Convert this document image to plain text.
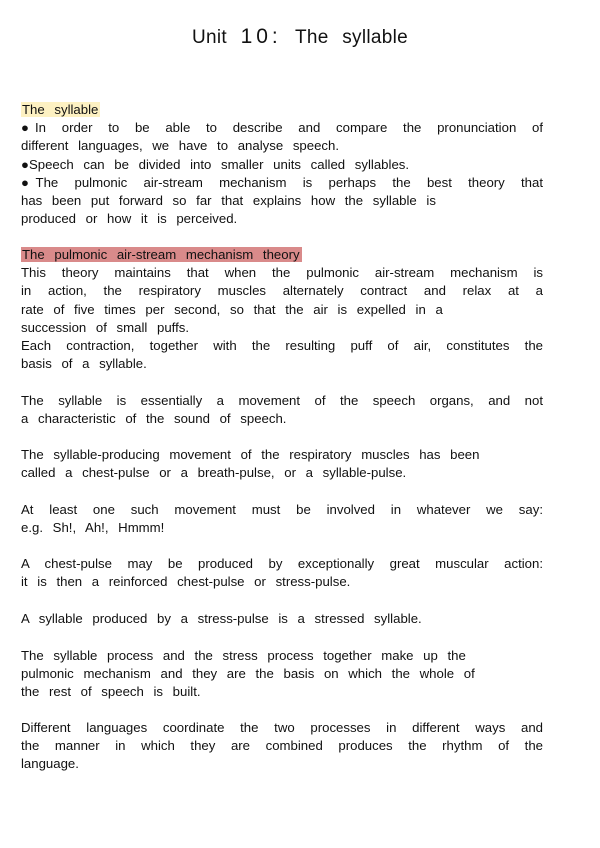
Unit 10: The syllable
The syllable
●In order to be able to describe and compare the pronunciation of
different languages, we have to analyse speech.
●Speech can be divided into smaller units called syllables.
●The pulmonic air-stream mechanism is perhaps the best theory that
has been put forward so far that explains how the syllable is
produced or how it is perceived.
The pulmonic air-stream mechanism theory
This theory maintains that when the pulmonic air-stream mechanism is
in action, the respiratory muscles alternately contract and relax at a
rate of five times per second, so that the air is expelled in a
succession of small puffs.
Each contraction, together with the resulting puff of air, constitutes the
basis of a syllable.
The syllable is essentially a movement of the speech organs, and not
a characteristic of the sound of speech.
The syllable-producing movement of the respiratory muscles has been
called a chest-pulse or a breath-pulse, or a syllable-pulse.
At least one such movement must be involved in whatever we say:
e.g. Sh!, Ah!, Hmmm!
A chest-pulse may be produced by exceptionally great muscular action:
it is then a reinforced chest-pulse or stress-pulse.
A syllable produced by a stress-pulse is a stressed syllable.
The syllable process and the stress process together make up the
pulmonic mechanism and they are the basis on which the whole of
the rest of speech is built.
Different languages coordinate the two processes in different ways and
the manner in which they are combined produces the rhythm of the
language.
